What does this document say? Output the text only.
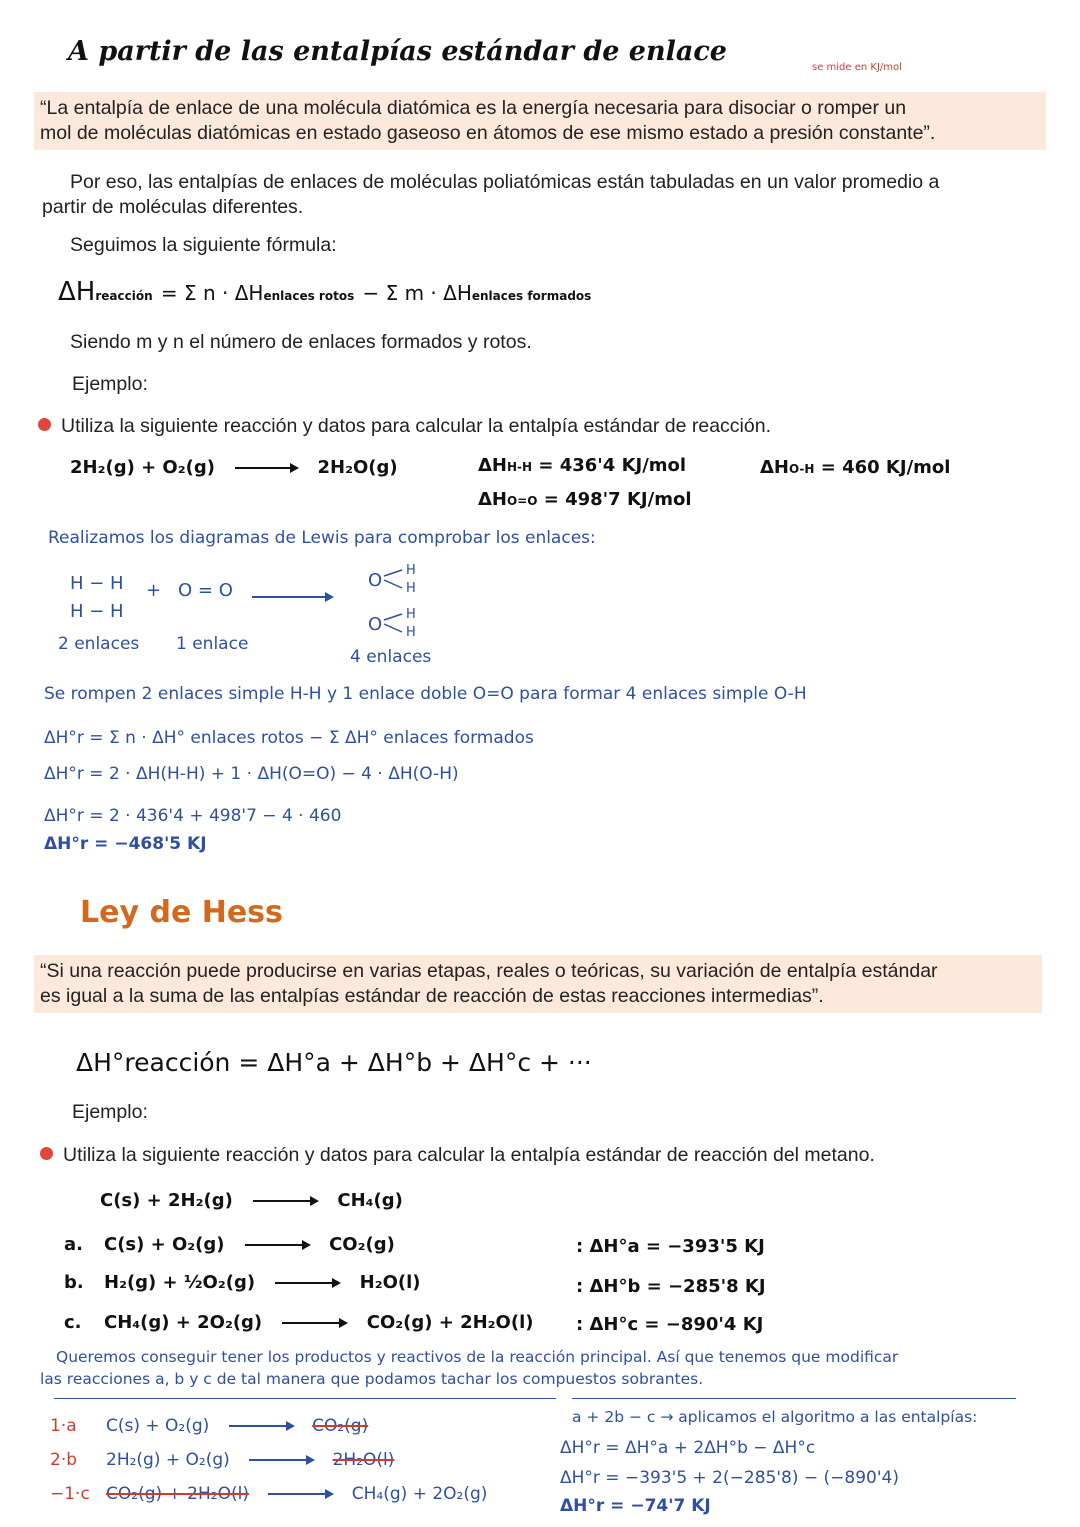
A partir de las entalpías estándar de enlace
se mide en KJ/mol
“La entalpía de enlace de una molécula diatómica es la energía necesaria para disociar o romper un
mol de moléculas diatómicas en estado gaseoso en átomos de ese mismo estado a presión constante”.
Por eso, las entalpías de enlaces de moléculas poliatómicas están tabuladas en un valor promedio a
partir de moléculas diferentes.
Seguimos la siguiente fórmula:
ΔHreacción = Σ n · ΔHenlaces rotos − Σ m · ΔHenlaces formados
Siendo m y n el número de enlaces formados y rotos.
Ejemplo:
Utiliza la siguiente reacción y datos para calcular la entalpía estándar de reacción.
2H₂(g) + O₂(g)	2H₂O(g)	ΔHH-H = 436'4 KJ/mol	ΔHO-H = 460 KJ/mol
ΔHO=O = 498'7 KJ/mol
Realizamos los diagramas de Lewis para comprobar los enlaces:
H − H
H − H
+ O = O	O H
H
O H
H
2 enlaces 1 enlace
4 enlaces
Se rompen 2 enlaces simple H-H y 1 enlace doble O=O para formar 4 enlaces simple O-H
ΔH°r = Σ n · ΔH° enlaces rotos − Σ ΔH° enlaces formados
ΔH°r = 2 · ΔH(H-H) + 1 · ΔH(O=O) − 4 · ΔH(O-H)
ΔH°r = 2 · 436'4 + 498'7 − 4 · 460
ΔH°r = −468'5 KJ
Ley de Hess
“Si una reacción puede producirse en varias etapas, reales o teóricas, su variación de entalpía estándar
es igual a la suma de las entalpías estándar de reacción de estas reacciones intermedias”.
ΔH°reacción = ΔH°a + ΔH°b + ΔH°c + ···
Ejemplo:
Utiliza la siguiente reacción y datos para calcular la entalpía estándar de reacción del metano.
C(s) + 2H₂(g)	CH₄(g)
a. C(s) + O₂(g)	CO₂(g)	: ΔH°a = −393'5 KJ
b. H₂(g) + ½O₂(g)	H₂O(l)	: ΔH°b = −285'8 KJ
c. CH₄(g) + 2O₂(g)	CO₂(g) + 2H₂O(l) : ΔH°c = −890'4 KJ
Queremos conseguir tener los productos y reactivos de la reacción principal. Así que tenemos que modificar
las reacciones a, b y c de tal manera que podamos tachar los compuestos sobrantes.
1·a C(s) + O₂(g)	CO₂(g)
2·b 2H₂(g) + O₂(g)	2H₂O(l)
−1·c CO₂(g) + 2H₂O(l)	CH₄(g) + 2O₂(g)
a + 2b − c → aplicamos el algoritmo a las entalpías:
ΔH°r = ΔH°a + 2ΔH°b − ΔH°c
ΔH°r = −393'5 + 2(−285'8) − (−890'4)
ΔH°r = −74'7 KJ
